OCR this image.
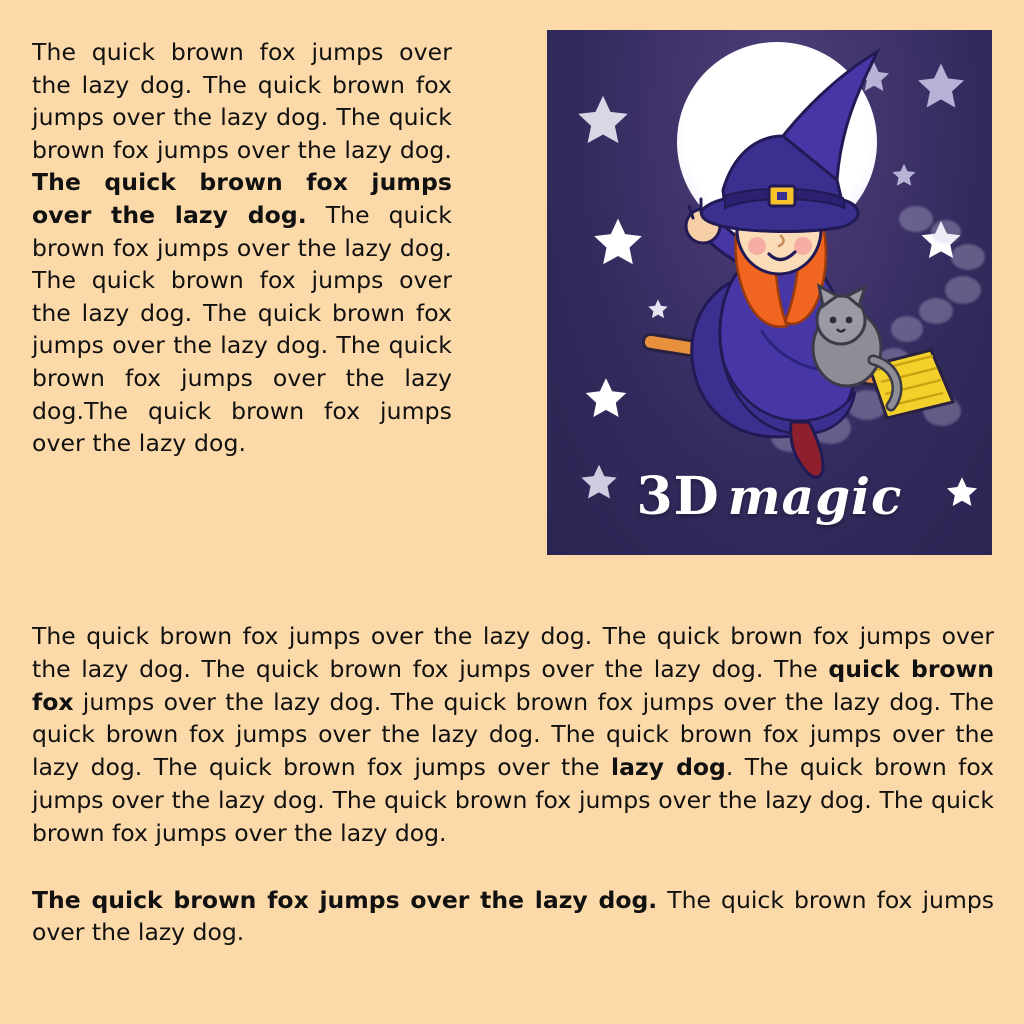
The quick brown fox jumps over the lazy dog. The quick brown fox jumps over the lazy dog. The quick brown fox jumps over the lazy dog. The quick brown fox jumps over the lazy dog. The quick brown fox jumps over the lazy dog. The quick brown fox jumps over the lazy dog. The quick brown fox jumps over the lazy dog. The quick brown fox jumps over the lazy dog.The quick brown fox jumps over the lazy dog.

3D magic

The quick brown fox jumps over the lazy dog. The quick brown fox jumps over the lazy dog. The quick brown fox jumps over the lazy dog. The quick brown fox jumps over the lazy dog. The quick brown fox jumps over the lazy dog. The quick brown fox jumps over the lazy dog. The quick brown fox jumps over the lazy dog. The quick brown fox jumps over the lazy dog. The quick brown fox jumps over the lazy dog. The quick brown fox jumps over the lazy dog. The quick brown fox jumps over the lazy dog.

The quick brown fox jumps over the lazy dog. The quick brown fox jumps over the lazy dog.
